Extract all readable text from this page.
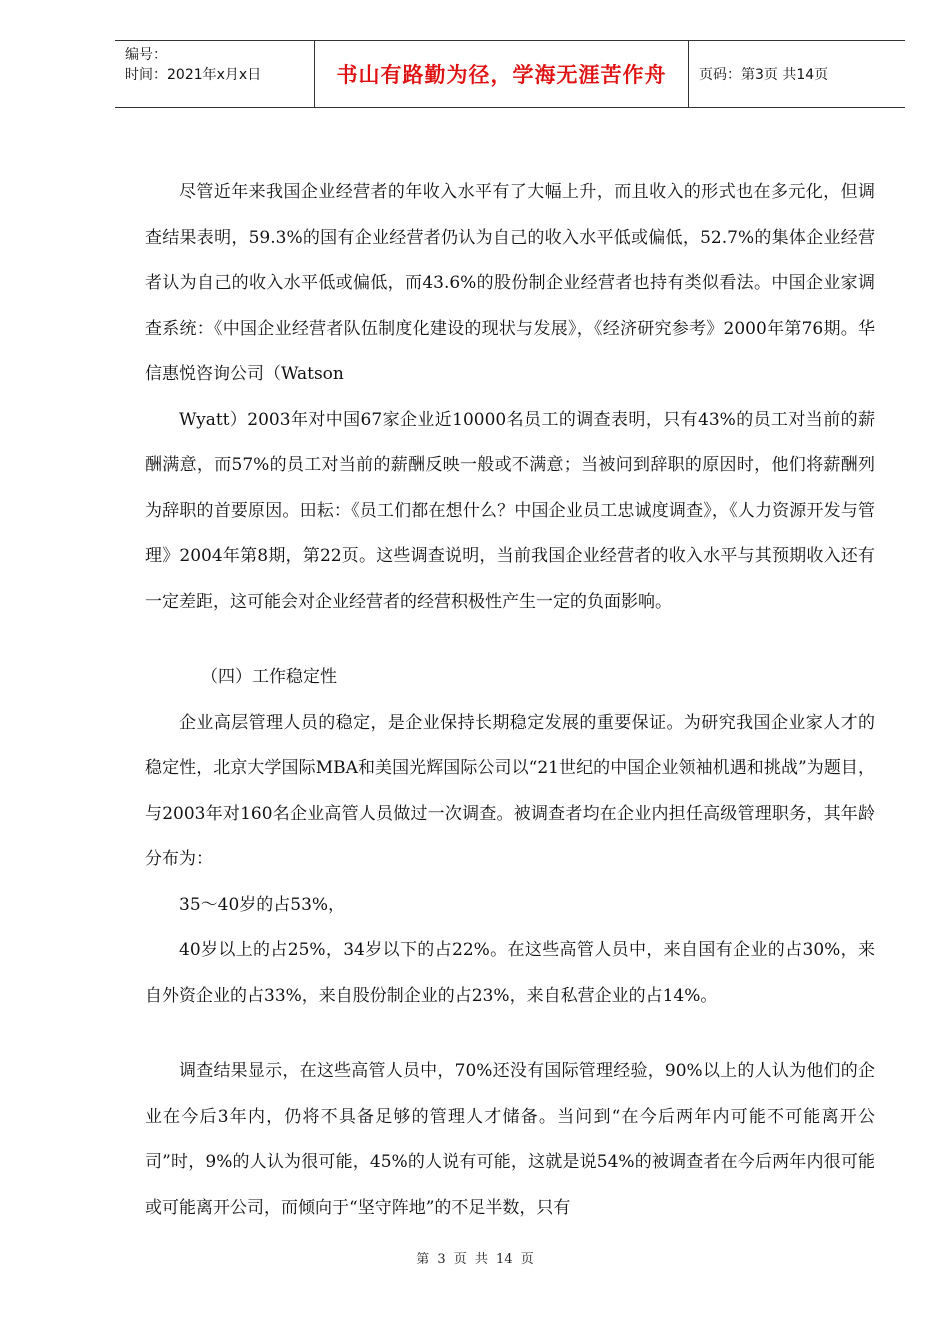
编号：
时间：2021年x月x日	书山有路勤为径，学海无涯苦作舟	页码：第3页 共14页

尽管近年来我国企业经营者的年收入水平有了大幅上升，而且收入的形式也在多元化，但调查结果表明，59.3%的国有企业经营者仍认为自己的收入水平低或偏低，52.7%的集体企业经营者认为自己的收入水平低或偏低，而43.6%的股份制企业经营者也持有类似看法。中国企业家调查系统：《中国企业经营者队伍制度化建设的现状与发展》，《经济研究参考》2000年第76期。华信惠悦咨询公司（Watson

Wyatt）2003年对中国67家企业近10000名员工的调查表明，只有43%的员工对当前的薪酬满意，而57%的员工对当前的薪酬反映一般或不满意；当被问到辞职的原因时，他们将薪酬列为辞职的首要原因。田耘：《员工们都在想什么？中国企业员工忠诚度调查》，《人力资源开发与管理》2004年第8期，第22页。这些调查说明，当前我国企业经营者的收入水平与其预期收入还有一定差距，这可能会对企业经营者的经营积极性产生一定的负面影响。

（四）工作稳定性

企业高层管理人员的稳定，是企业保持长期稳定发展的重要保证。为研究我国企业家人才的稳定性，北京大学国际MBA和美国光辉国际公司以“21世纪的中国企业领袖机遇和挑战”为题目，与2003年对160名企业高管人员做过一次调查。被调查者均在企业内担任高级管理职务，其年龄分布为：

35～40岁的占53%，

40岁以上的占25%，34岁以下的占22%。在这些高管人员中，来自国有企业的占30%，来自外资企业的占33%，来自股份制企业的占23%，来自私营企业的占14%。

调查结果显示，在这些高管人员中，70%还没有国际管理经验，90%以上的人认为他们的企业在今后3年内，仍将不具备足够的管理人才储备。当问到“在今后两年内可能不可能离开公司”时，9%的人认为很可能，45%的人说有可能，这就是说54%的被调查者在今后两年内很可能或可能离开公司，而倾向于“坚守阵地”的不足半数，只有

第 3 页 共 14 页
